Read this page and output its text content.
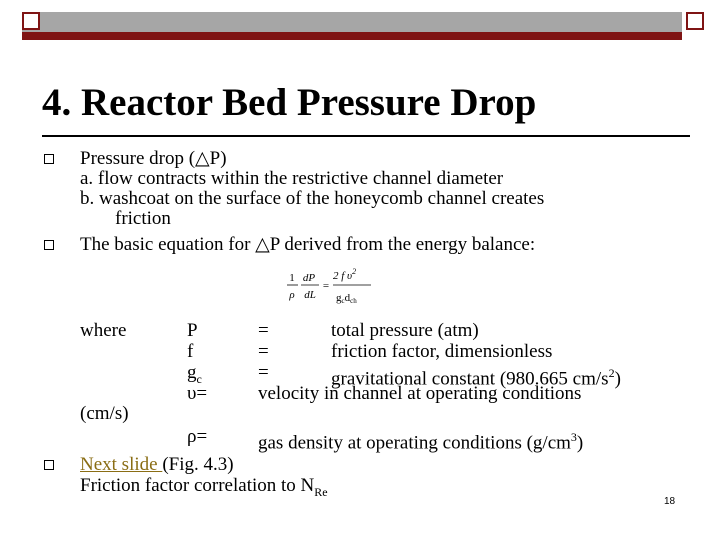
4. Reactor Bed Pressure Drop
Pressure drop (△P)
a. flow contracts within the restrictive channel diameter
b. washcoat on the surface of the honeycomb channel creates
friction
The basic equation for △P derived from the energy balance:
1 dP
ρ dL
=
2 f $\upsilon^2$
gcdch
where
(cm/s)
P	=	total pressure (atm)
f	=	friction factor, dimensionless
$g_c$	=	gravitational constant (980.665 $cm/s^2$)
υ=	velocity in channel at operating conditions
ρ=	gas density at operating conditions $(g/cm^3)$
Next slide (Fig. 4.3)
Friction factor correlation to $N_{Re}$
18
